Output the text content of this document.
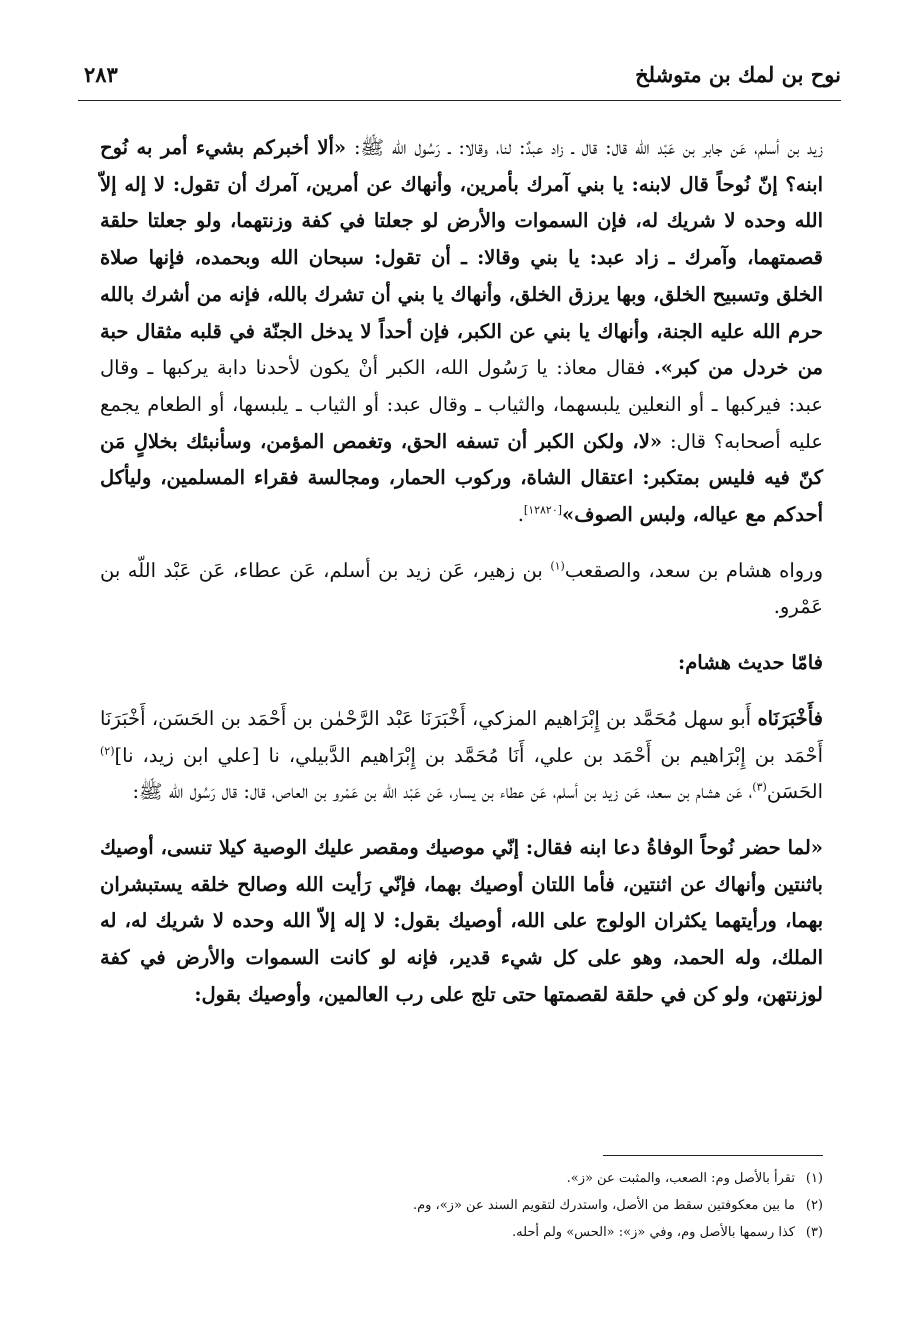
نوح بن لمك بن متوشلخ
٢٨٣

زيد بن أسلم، عَن جابر بن عَبْد اللّه قال: قال ـ زاد عبدٌ: لنا، وقالا: ـ رَسُول الله ﷺ: «ألا أخبركم بشيء أمر به نُوح ابنه؟ إنّ نُوحاً قال لابنه: يا بني آمرك بأمرين، وأنهاك عن أمرين، آمرك أن تقول: لا إله إلاّ الله وحده لا شريك له، فإن السموات والأرض لو جعلتا في كفة وزنتهما، ولو جعلتا حلقة قصمتهما، وآمرك ـ زاد عبد: يا بني وقالا: ـ أن تقول: سبحان الله وبحمده، فإنها صلاة الخلق وتسبيح الخلق، وبها يرزق الخلق، وأنهاك يا بني أن تشرك بالله، فإنه من أشرك بالله حرم الله عليه الجنة، وأنهاك يا بني عن الكبر، فإن أحداً لا يدخل الجنّة في قلبه مثقال حبة من خردل من كبر». فقال معاذ: يا رَسُول الله، الكبر أنْ يكون لأحدنا دابة يركبها ـ وقال عبد: فيركبها ـ أو النعلين يلبسهما، والثياب ـ وقال عبد: أو الثياب ـ يلبسها، أو الطعام يجمع عليه أصحابه؟ قال: «لا، ولكن الكبر أن تسفه الحق، وتغمص المؤمن، وسأنبئك بخلالٍ مَن كنّ فيه فليس بمتكبر: اعتقال الشاة، وركوب الحمار، ومجالسة فقراء المسلمين، وليأكل أحدكم مع عياله، ولبس الصوف»[١٢٨٢٠].

ورواه هشام بن سعد، والصقعب$^{(١)}$ بن زهير، عَن زيد بن أسلم، عَن عطاء، عَن عَبْد اللّه بن عَمْرو.

فامّا حديث هشام:

فأَخْبَرَنَاه أَبو سهل مُحَمَّد بن إِبْرَاهيم المزكي، أَخْبَرَنَا عَبْد الرَّحْمٰن بن أَحْمَد بن الحَسَن، أَخْبَرَنَا أَحْمَد بن إِبْرَاهيم بن أَحْمَد بن علي، أَنَا مُحَمَّد بن إِبْرَاهيم الدَّبيلي، نا [علي ابن زيد، نا]$^{(٢)}$ الحَسَن$^{(٣)}$، عَن هشام بن سعد، عَن زيد بن أسلم، عَن عطاء بن يسار، عَن عَبْد اللّه بن عَمْرو بن العاص، قال: قال رَسُول الله ﷺ:

«لما حضر نُوحاً الوفاةُ دعا ابنه فقال: إنّي موصيك ومقصر عليك الوصية كيلا تنسى، أوصيك باثنتين وأنهاك عن اثنتين، فأما اللتان أوصيك بهما، فإنّي رَأيت الله وصالح خلقه يستبشران بهما، ورأيتهما يكثران الولوج على الله، أوصيك بقول: لا إله إلاّ الله وحده لا شريك له، له الملك، وله الحمد، وهو على كل شيء قدير، فإنه لو كانت السموات والأرض في كفة لوزنتهن، ولو كن في حلقة لقصمتها حتى تلج على رب العالمين، وأوصيك بقول:

(١)تقرأ بالأصل وم: الصعب، والمثبت عن «ز».
(٢)ما بين معكوفتين سقط من الأصل، واستدرك لتقويم السند عن «ز»، وم.
(٣)كذا رسمها بالأصل وم، وفي «ز»: «الحس» ولم أحله.
